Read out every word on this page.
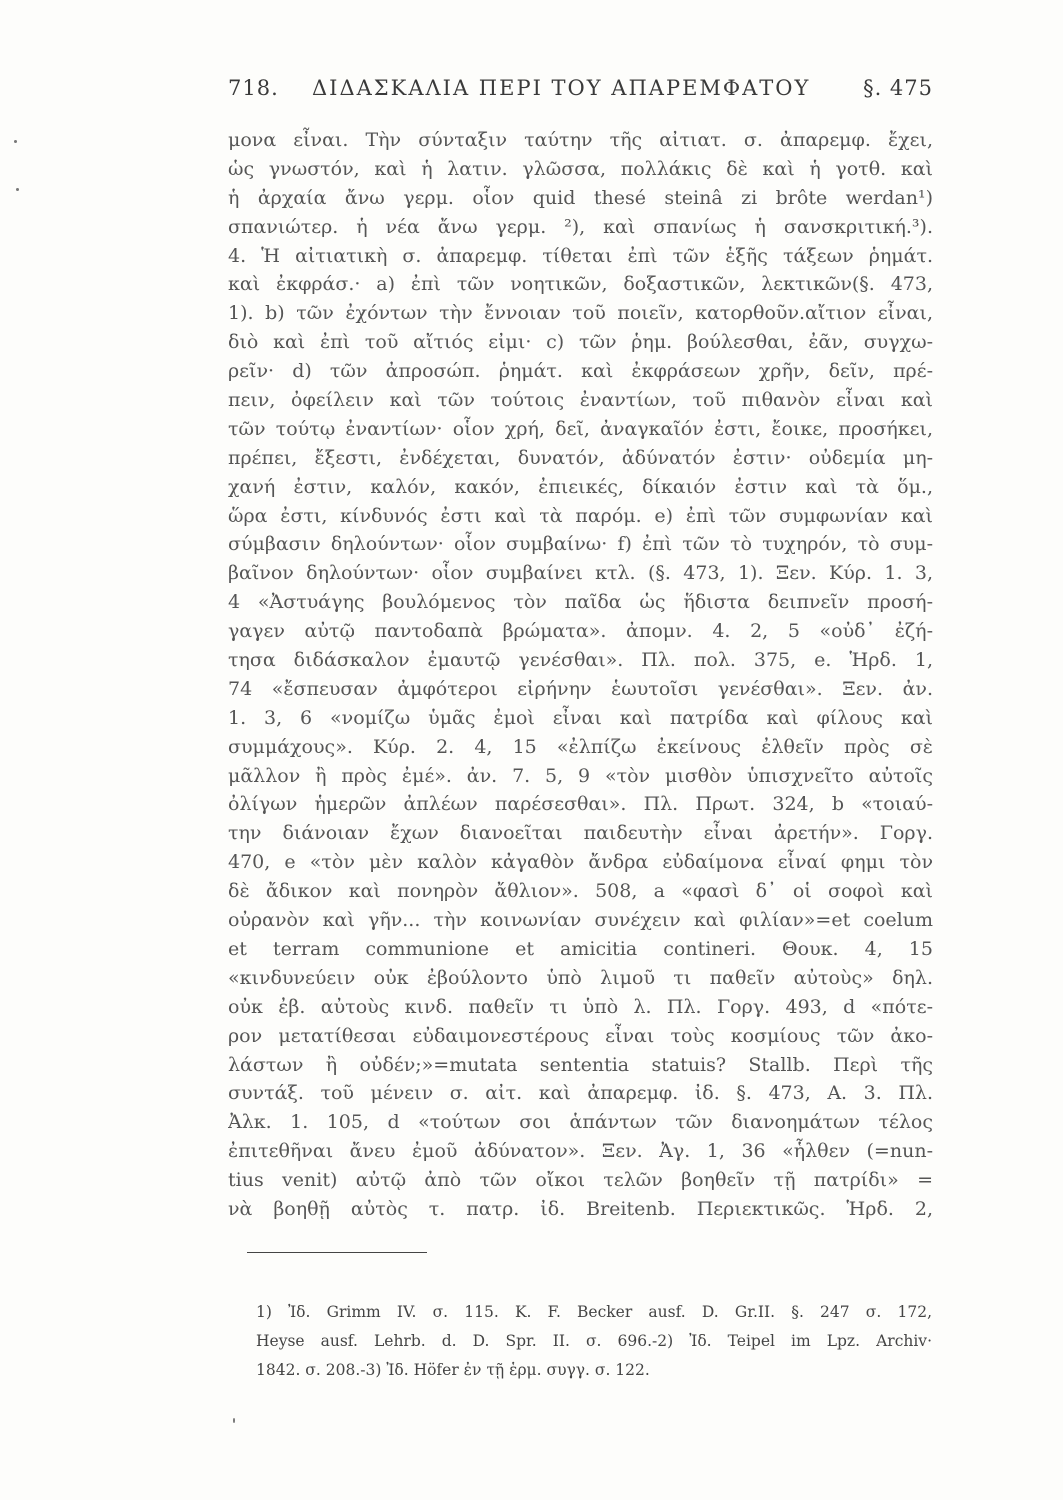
718. ΔΙΔΑΣΚΑΛΙΑ ΠΕΡΙ ΤΟΥ ΑΠΑΡΕΜΦΑΤΟΥ	§. 475
μονα εἶναι. Τὴν σύνταξιν ταύτην τῆς αἰτιατ. σ. ἀπαρεμφ. ἔχει,
ὡς γνωστόν, καὶ ἡ λατιν. γλῶσσα, πολλάκις δὲ καὶ ἡ γοτθ. καὶ
ἡ ἀρχαία ἄνω γερμ. οἷον quid thesé steinâ zi brôte werdan¹)
σπανιώτερ. ἡ νέα ἄνω γερμ. ²), καὶ σπανίως ἡ σανσκριτική.³).
4. Ἡ αἰτιατικὴ σ. ἀπαρεμφ. τίθεται ἐπὶ τῶν ἑξῆς τάξεων ῥημάτ.
καὶ ἐκφράσ.· a) ἐπὶ τῶν νοητικῶν, δοξαστικῶν, λεκτικῶν(§. 473,
1). b) τῶν ἐχόντων τὴν ἔννοιαν τοῦ ποιεῖν, κατορθοῦν.αἴτιον εἶναι,
διὸ καὶ ἐπὶ τοῦ αἴτιός εἰμι· c) τῶν ῥημ. βούλεσθαι, ἐᾶν, συγχω-
ρεῖν· d) τῶν ἀπροσώπ. ῥημάτ. καὶ ἐκφράσεων χρῆν, δεῖν, πρέ-
πειν, ὀφείλειν καὶ τῶν τούτοις ἐναντίων, τοῦ πιθανὸν εἶναι καὶ
τῶν τούτῳ ἐναντίων· οἷον χρή, δεῖ, ἀναγκαῖόν ἐστι, ἔοικε, προσήκει,
πρέπει, ἔξεστι, ἐνδέχεται, δυνατόν, ἀδύνατόν ἐστιν· οὐδεμία μη-
χανή ἐστιν, καλόν, κακόν, ἐπιεικές, δίκαιόν ἐστιν καὶ τὰ ὅμ.,
ὥρα ἐστι, κίνδυνός ἐστι καὶ τὰ παρόμ. e) ἐπὶ τῶν συμφωνίαν καὶ
σύμβασιν δηλούντων· οἷον συμβαίνω· f) ἐπὶ τῶν τὸ τυχηρόν, τὸ συμ-
βαῖνον δηλούντων· οἷον συμβαίνει κτλ. (§. 473, 1). Ξεν. Κύρ. 1. 3,
4 «Ἀστυάγης βουλόμενος τὸν παῖδα ὡς ἥδιστα δειπνεῖν προσή-
γαγεν αὐτῷ παντοδαπὰ βρώματα». ἀπομν. 4. 2, 5 «οὐδ᾿ ἐζή-
τησα διδάσκαλον ἐμαυτῷ γενέσθαι». Πλ. πολ. 375, e. Ἡρδ. 1,
74 «ἔσπευσαν ἀμφότεροι εἰρήνην ἑωυτοῖσι γενέσθαι». Ξεν. ἀν.
1. 3, 6 «νομίζω ὑμᾶς ἐμοὶ εἶναι καὶ πατρίδα καὶ φίλους καὶ
συμμάχους». Κύρ. 2. 4, 15 «ἐλπίζω ἐκείνους ἐλθεῖν πρὸς σὲ
μᾶλλον ἢ πρὸς ἐμέ». ἀν. 7. 5, 9 «τὸν μισθὸν ὑπισχνεῖτο αὐτοῖς
ὀλίγων ἡμερῶν ἀπλέων παρέσεσθαι». Πλ. Πρωτ. 324, b «τοιαύ-
την διάνοιαν ἔχων διανοεῖται παιδευτὴν εἶναι ἀρετήν». Γοργ.
470, e «τὸν μὲν καλὸν κἀγαθὸν ἄνδρα εὐδαίμονα εἶναί φημι τὸν
δὲ ἄδικον καὶ πονηρὸν ἄθλιον». 508, a «φασὶ δ᾿ οἱ σοφοὶ καὶ
οὐρανὸν καὶ γῆν... τὴν κοινωνίαν συνέχειν καὶ φιλίαν»=et coelum
et terram communione et amicitia contineri. Θουκ. 4, 15
«κινδυνεύειν οὐκ ἐβούλοντο ὑπὸ λιμοῦ τι παθεῖν αὐτοὺς» δηλ.
οὐκ ἐβ. αὐτοὺς κινδ. παθεῖν τι ὑπὸ λ. Πλ. Γοργ. 493, d «πότε-
ρον μετατίθεσαι εὐδαιμονεστέρους εἶναι τοὺς κοσμίους τῶν ἀκο-
λάστων ἢ οὐδέν;»=mutata sententia statuis? Stallb. Περὶ τῆς
συντάξ. τοῦ μένειν σ. αἰτ. καὶ ἀπαρεμφ. ἰδ. §. 473, A. 3. Πλ.
Ἀλκ. 1. 105, d «τούτων σοι ἁπάντων τῶν διανοημάτων τέλος
ἐπιτεθῆναι ἄνευ ἐμοῦ ἀδύνατον». Ξεν. Ἀγ. 1, 36 «ἧλθεν (=nun-
tius venit) αὐτῷ ἀπὸ τῶν οἴκοι τελῶν βοηθεῖν τῇ πατρίδι» =
νὰ βοηθῇ αὐτὸς τ. πατρ. ἰδ. Breitenb. Περιεκτικῶς. Ἡρδ. 2,
1) Ἰδ. Grimm IV. σ. 115. K. F. Becker ausf. D. Gr.II. §. 247 σ. 172,
Heyse ausf. Lehrb. d. D. Spr. II. σ. 696.-2) Ἰδ. Teipel im Lpz. Archiv·
1842. σ. 208.-3) Ἰδ. Höfer ἐν τῇ ἑρμ. συγγ. σ. 122.
